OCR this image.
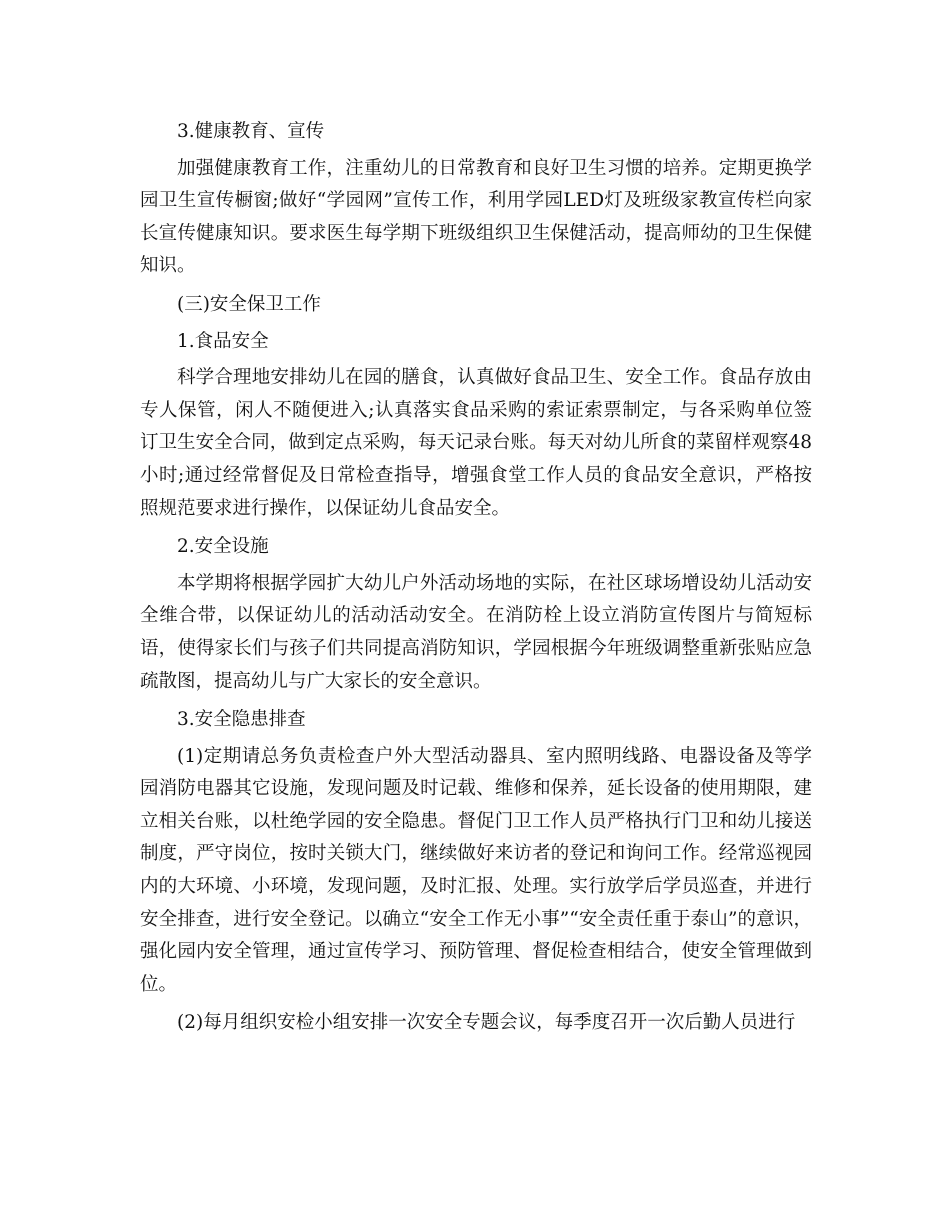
3.健康教育、宣传

加强健康教育工作，注重幼儿的日常教育和良好卫生习惯的培养。定期更换学园卫生宣传橱窗;做好“学园网”宣传工作，利用学园LED灯及班级家教宣传栏向家长宣传健康知识。要求医生每学期下班级组织卫生保健活动，提高师幼的卫生保健知识。

(三)安全保卫工作

1.食品安全

科学合理地安排幼儿在园的膳食，认真做好食品卫生、安全工作。食品存放由专人保管，闲人不随便进入;认真落实食品采购的索证索票制定，与各采购单位签订卫生安全合同，做到定点采购，每天记录台账。每天对幼儿所食的菜留样观察48小时;通过经常督促及日常检查指导，增强食堂工作人员的食品安全意识，严格按照规范要求进行操作，以保证幼儿食品安全。

2.安全设施

本学期将根据学园扩大幼儿户外活动场地的实际，在社区球场增设幼儿活动安全维合带，以保证幼儿的活动活动安全。在消防栓上设立消防宣传图片与简短标语，使得家长们与孩子们共同提高消防知识，学园根据今年班级调整重新张贴应急疏散图，提高幼儿与广大家长的安全意识。

3.安全隐患排查

(1)定期请总务负责检查户外大型活动器具、室内照明线路、电器设备及等学园消防电器其它设施，发现问题及时记载、维修和保养，延长设备的使用期限，建立相关台账，以杜绝学园的安全隐患。督促门卫工作人员严格执行门卫和幼儿接送制度，严守岗位，按时关锁大门，继续做好来访者的登记和询问工作。经常巡视园内的大环境、小环境，发现问题，及时汇报、处理。实行放学后学员巡查，并进行安全排查，进行安全登记。以确立“安全工作无小事”“安全责任重于泰山”的意识，强化园内安全管理，通过宣传学习、预防管理、督促检查相结合，使安全管理做到位。

(2)每月组织安检小组安排一次安全专题会议，每季度召开一次后勤人员进行
